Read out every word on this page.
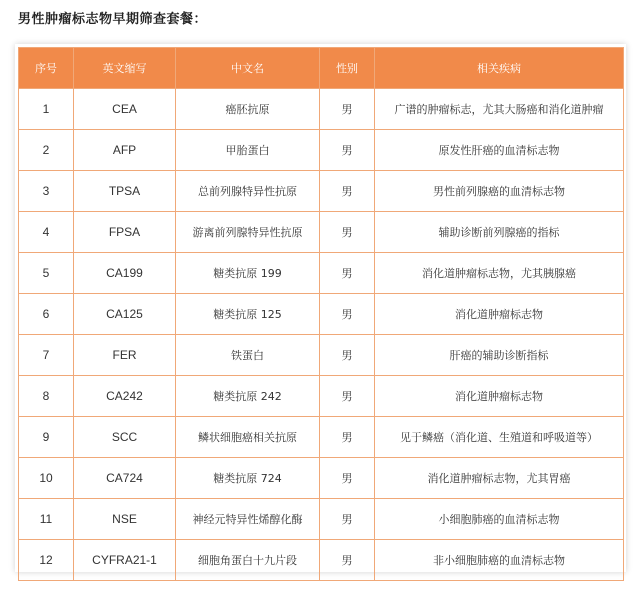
男性肿瘤标志物早期筛查套餐：
序号	英文缩写	中文名	性别	相关疾病
1	CEA	癌胚抗原	男	广谱的肿瘤标志，尤其大肠癌和消化道肿瘤
2	AFP	甲胎蛋白	男	原发性肝癌的血清标志物
3	TPSA	总前列腺特异性抗原	男	男性前列腺癌的血清标志物
4	FPSA	游离前列腺特异性抗原	男	辅助诊断前列腺癌的指标
5	CA199	糖类抗原 199	男	消化道肿瘤标志物，尤其胰腺癌
6	CA125	糖类抗原 125	男	消化道肿瘤标志物
7	FER	铁蛋白	男	肝癌的辅助诊断指标
8	CA242	糖类抗原 242	男	消化道肿瘤标志物
9	SCC	鳞状细胞癌相关抗原	男	见于鳞癌（消化道、生殖道和呼吸道等）
10	CA724	糖类抗原 724	男	消化道肿瘤标志物，尤其胃癌
11	NSE	神经元特异性烯醇化酶	男	小细胞肺癌的血清标志物
12	CYFRA21-1	细胞角蛋白十九片段	男	非小细胞肺癌的血清标志物
